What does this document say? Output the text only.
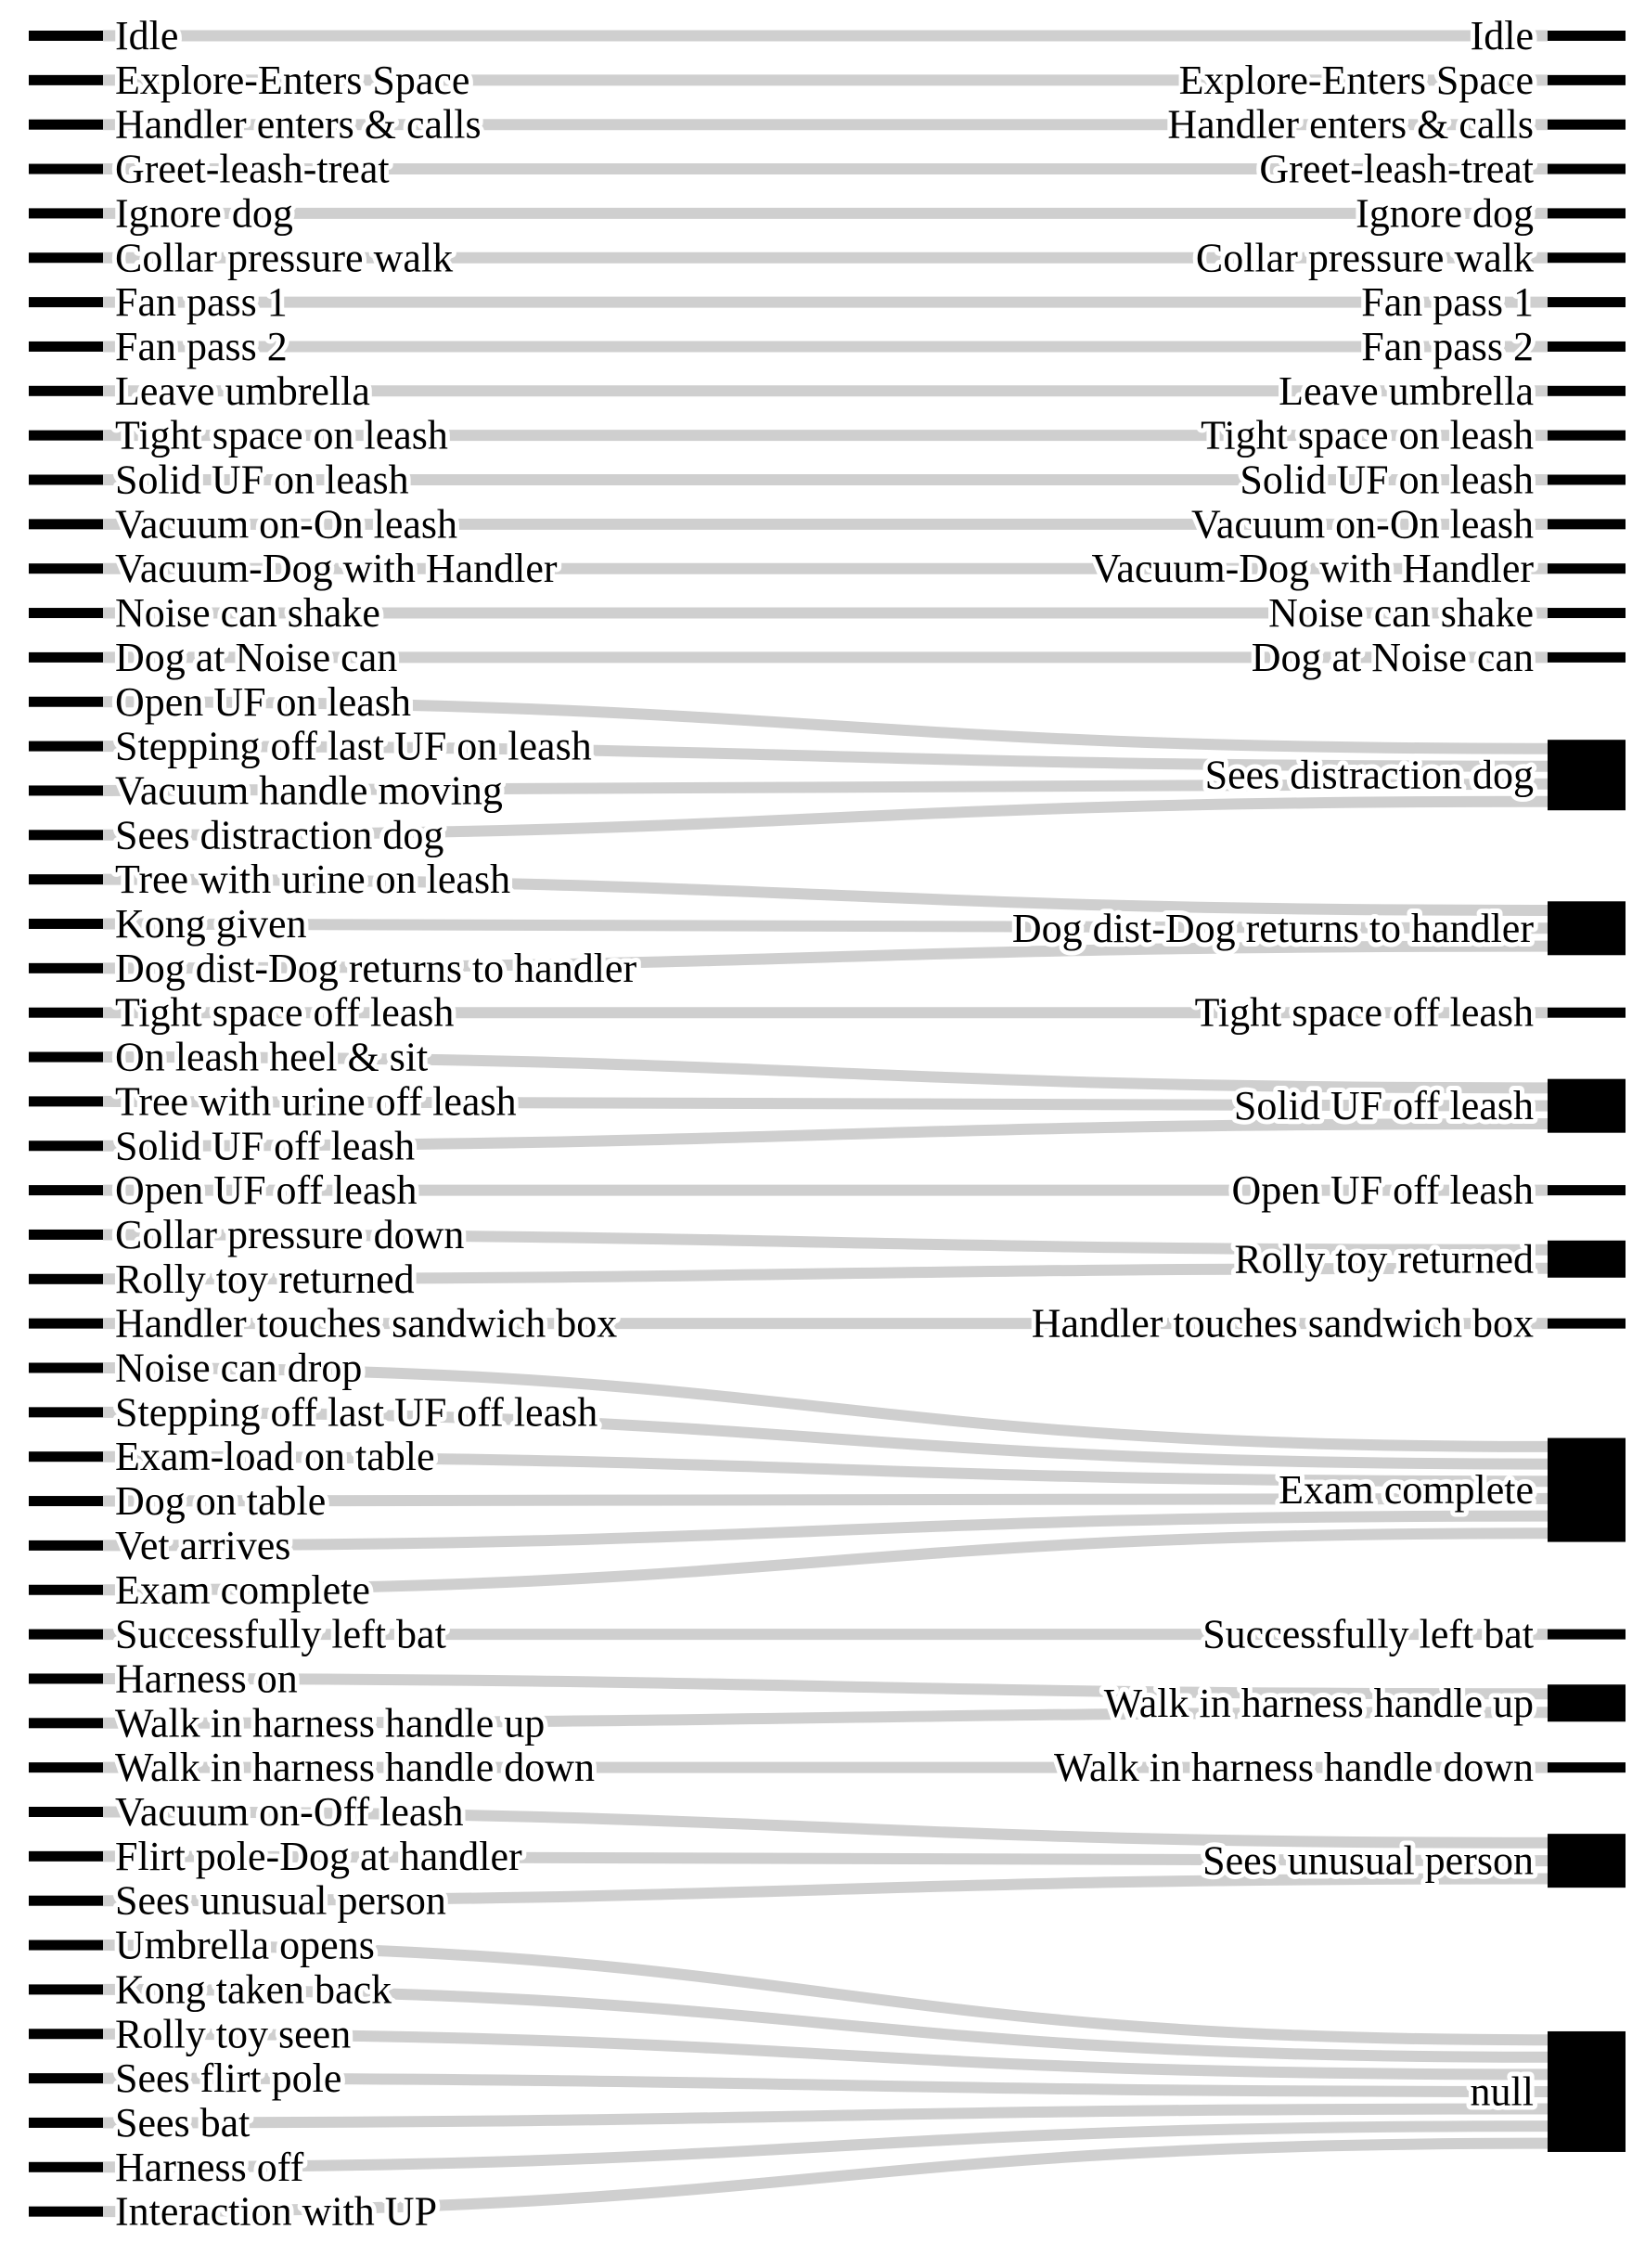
Idle
Explore-Enters Space
Handler enters & calls
Greet-leash-treat
Ignore dog
Collar pressure walk
Fan pass 1
Fan pass 2
Leave umbrella
Tight space on leash
Solid UF on leash
Vacuum on-On leash
Vacuum-Dog with Handler
Noise can shake
Dog at Noise can
Open UF on leash
Stepping off last UF on leash
Vacuum handle moving
Sees distraction dog
Tree with urine on leash
Kong given
Dog dist-Dog returns to handler
Tight space off leash
On leash heel & sit
Tree with urine off leash
Solid UF off leash
Open UF off leash
Collar pressure down
Rolly toy returned
Handler touches sandwich box
Noise can drop
Stepping off last UF off leash
Exam-load on table
Dog on table
Vet arrives
Exam complete
Successfully left bat
Harness on
Walk in harness handle up
Walk in harness handle down
Vacuum on-Off leash
Flirt pole-Dog at handler
Sees unusual person
Umbrella opens
Kong taken back
Rolly toy seen
Sees flirt pole
Sees bat
Harness off
Interaction with UP
Idle
Explore-Enters Space
Handler enters & calls
Greet-leash-treat
Ignore dog
Collar pressure walk
Fan pass 1
Fan pass 2
Leave umbrella
Tight space on leash
Solid UF on leash
Vacuum on-On leash
Vacuum-Dog with Handler
Noise can shake
Dog at Noise can
Sees distraction dog
Dog dist-Dog returns to handler
Tight space off leash
Solid UF off leash
Open UF off leash
Rolly toy returned
Handler touches sandwich box
Exam complete
Successfully left bat
Walk in harness handle up
Walk in harness handle down
Sees unusual person
null
